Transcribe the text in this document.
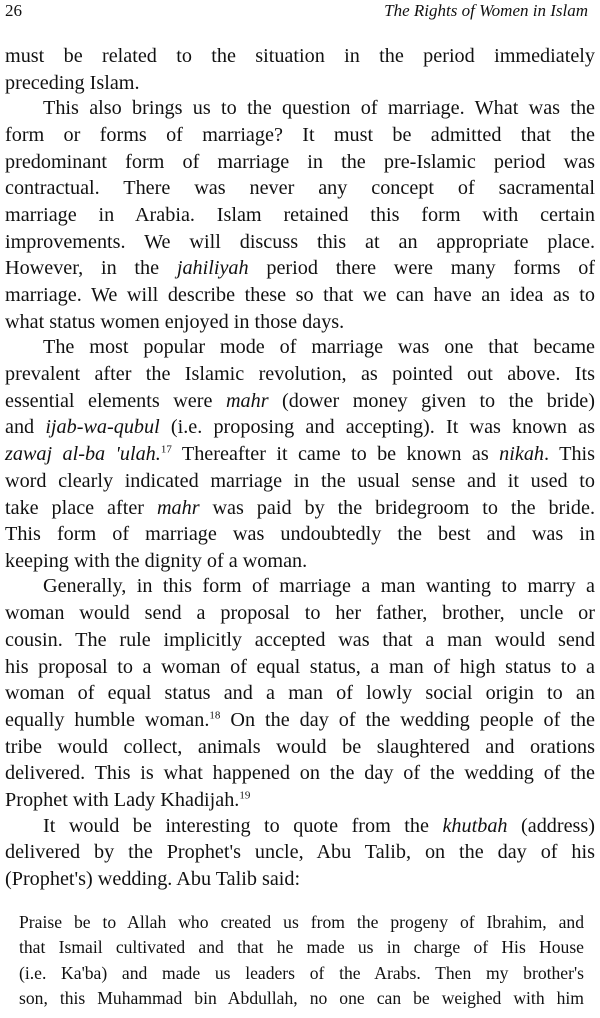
26	The Rights of Women in Islam

must be related to the situation in the period immediately

preceding Islam.

This also brings us to the question of marriage. What was the

form or forms of marriage? It must be admitted that the

predominant form of marriage in the pre-Islamic period was

contractual. There was never any concept of sacramental

marriage in Arabia. Islam retained this form with certain

improvements. We will discuss this at an appropriate place.

However, in the jahiliyah period there were many forms of

marriage. We will describe these so that we can have an idea as to

what status women enjoyed in those days.

The most popular mode of marriage was one that became

prevalent after the Islamic revolution, as pointed out above. Its

essential elements were mahr (dower money given to the bride)

and ijab-wa-qubul (i.e. proposing and accepting). It was known as

zawaj al-ba 'ulah.$^{17}$ Thereafter it came to be known as nikah. This

word clearly indicated marriage in the usual sense and it used to

take place after mahr was paid by the bridegroom to the bride.

This form of marriage was undoubtedly the best and was in

keeping with the dignity of a woman.

Generally, in this form of marriage a man wanting to marry a

woman would send a proposal to her father, brother, uncle or

cousin. The rule implicitly accepted was that a man would send

his proposal to a woman of equal status, a man of high status to a

woman of equal status and a man of lowly social origin to an

equally humble woman.$^{18}$ On the day of the wedding people of the

tribe would collect, animals would be slaughtered and orations

delivered. This is what happened on the day of the wedding of the

Prophet with Lady Khadijah.$^{19}$

It would be interesting to quote from the khutbah (address)

delivered by the Prophet's uncle, Abu Talib, on the day of his

(Prophet's) wedding. Abu Talib said:

Praise be to Allah who created us from the progeny of Ibrahim, and
that Ismail cultivated and that he made us in charge of His House
(i.e. Ka'ba) and made us leaders of the Arabs. Then my brother's
son, this Muhammad bin Abdullah, no one can be weighed with him
